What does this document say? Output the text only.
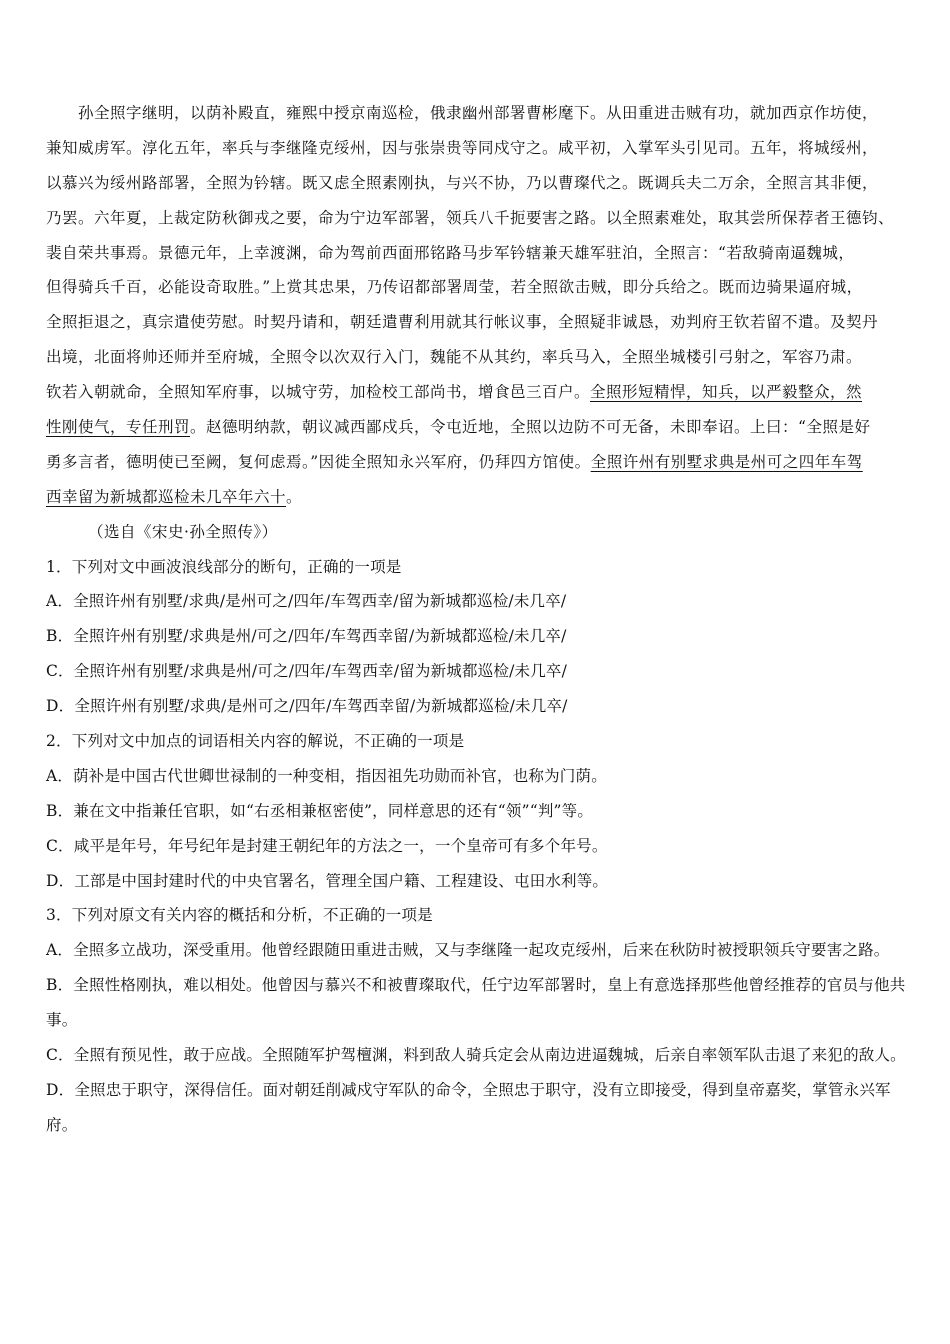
孙全照字继明，以荫补殿直，雍熙中授京南巡检，俄隶幽州部署曹彬麾下。从田重进击贼有功，就加西京作坊使，
兼知威虏军。淳化五年，率兵与李继隆克绥州，因与张崇贵等同戍守之。咸平初，入掌军头引见司。五年，将城绥州，
以慕兴为绥州路部署，全照为钤辖。既又虑全照素刚执，与兴不协，乃以曹璨代之。既调兵夫二万余，全照言其非便，
乃罢。六年夏，上裁定防秋御戎之要，命为宁边军部署，领兵八千扼要害之路。以全照素难处，取其尝所保荐者王德钧、
裴自荣共事焉。景德元年，上幸渡渊，命为驾前西面邢铭路马步军钤辖兼天雄军驻泊，全照言：“若敌骑南逼魏城，
但得骑兵千百，必能设奇取胜。”上赏其忠果，乃传诏都部署周莹，若全照欲击贼，即分兵给之。既而边骑果逼府城，
全照拒退之，真宗遣使劳慰。时契丹请和，朝廷遣曹利用就其行帐议事，全照疑非诚恳，劝判府王钦若留不遣。及契丹
出境，北面将帅还师并至府城，全照令以次双行入门，魏能不从其约，率兵马入，全照坐城楼引弓射之，军容乃肃。
钦若入朝就命，全照知军府事，以城守劳，加检校工部尚书，增食邑三百户。全照形短精悍，知兵，以严毅整众，然
性刚使气，专任刑罚。赵德明纳款，朝议减西鄙戍兵，令屯近地，全照以边防不可无备，未即奉诏。上曰：“全照是好
勇多言者，德明使已至阙，复何虑焉。”因徙全照知永兴军府，仍拜四方馆使。全照许州有别墅求典是州可之四年车驾
西幸留为新城都巡检未几卒年六十。
（选自《宋史·孙全照传》）
1．下列对文中画波浪线部分的断句，正确的一项是
A．全照许州有别墅/求典/是州可之/四年/车驾西幸/留为新城都巡检/未几卒/
B．全照许州有别墅/求典是州/可之/四年/车驾西幸留/为新城都巡检/未几卒/
C．全照许州有别墅/求典是州/可之/四年/车驾西幸/留为新城都巡检/未几卒/
D．全照许州有别墅/求典/是州可之/四年/车驾西幸留/为新城都巡检/未几卒/
2．下列对文中加点的词语相关内容的解说，不正确的一项是
A．荫补是中国古代世卿世禄制的一种变相，指因祖先功勋而补官，也称为门荫。
B．兼在文中指兼任官职，如“右丞相兼枢密使”，同样意思的还有“领”“判”等。
C．咸平是年号，年号纪年是封建王朝纪年的方法之一，一个皇帝可有多个年号。
D．工部是中国封建时代的中央官署名，管理全国户籍、工程建设、屯田水利等。
3．下列对原文有关内容的概括和分析，不正确的一项是
A．全照多立战功，深受重用。他曾经跟随田重进击贼，又与李继隆一起攻克绥州，后来在秋防时被授职领兵守要害之路。
B．全照性格刚执，难以相处。他曾因与慕兴不和被曹璨取代，任宁边军部署时，皇上有意选择那些他曾经推荐的官员与他共事。
C．全照有预见性，敢于应战。全照随军护驾檀渊，料到敌人骑兵定会从南边进逼魏城，后亲自率领军队击退了来犯的敌人。
D．全照忠于职守，深得信任。面对朝廷削减戍守军队的命令，全照忠于职守，没有立即接受，得到皇帝嘉奖，掌管永兴军府。
